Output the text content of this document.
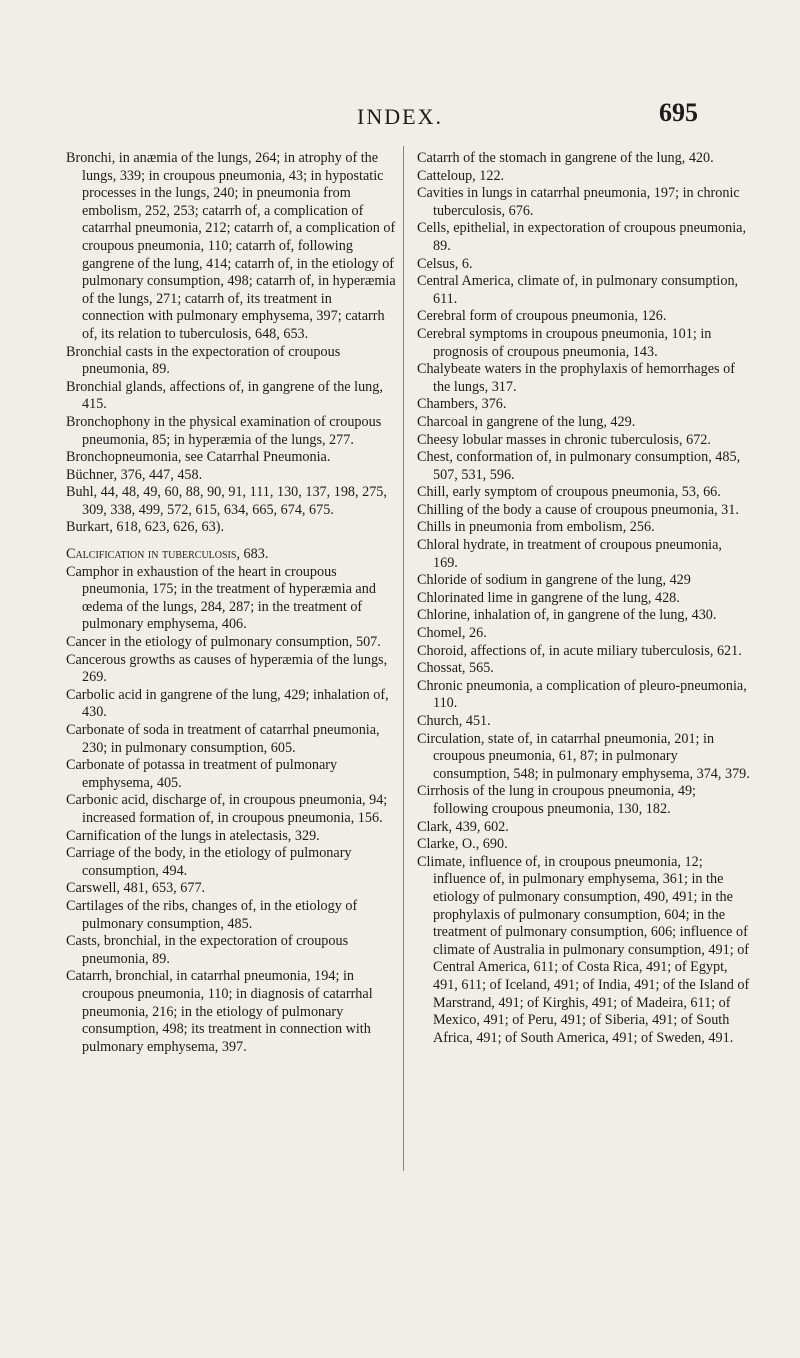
INDEX.	695

Bronchi, in anæmia of the lungs, 264; in atrophy of the lungs, 339; in croupous pneumonia, 43; in hypostatic processes in the lungs, 240; in pneumonia from embolism, 252, 253; catarrh of, a complication of catarrhal pneumonia, 212; catarrh of, a complication of croupous pneumonia, 110; catarrh of, following gangrene of the lung, 414; catarrh of, in the etiology of pulmonary consumption, 498; catarrh of, in hyperæmia of the lungs, 271; catarrh of, its treatment in connection with pulmonary emphysema, 397; catarrh of, its relation to tuberculosis, 648, 653.

Bronchial casts in the expectoration of croupous pneumonia, 89.

Bronchial glands, affections of, in gangrene of the lung, 415.

Bronchophony in the physical examination of croupous pneumonia, 85; in hyperæmia of the lungs, 277.

Bronchopneumonia, see Catarrhal Pneumonia.

Büchner, 376, 447, 458.

Buhl, 44, 48, 49, 60, 88, 90, 91, 111, 130, 137, 198, 275, 309, 338, 499, 572, 615, 634, 665, 674, 675.

Burkart, 618, 623, 626, 63).

Calcification in tuberculosis, 683.

Camphor in exhaustion of the heart in croupous pneumonia, 175; in the treatment of hyperæmia and œdema of the lungs, 284, 287; in the treatment of pulmonary emphysema, 406.

Cancer in the etiology of pulmonary consumption, 507.

Cancerous growths as causes of hyperæmia of the lungs, 269.

Carbolic acid in gangrene of the lung, 429; inhalation of, 430.

Carbonate of soda in treatment of catarrhal pneumonia, 230; in pulmonary consumption, 605.

Carbonate of potassa in treatment of pulmonary emphysema, 405.

Carbonic acid, discharge of, in croupous pneumonia, 94; increased formation of, in croupous pneumonia, 156.

Carnification of the lungs in atelectasis, 329.

Carriage of the body, in the etiology of pulmonary consumption, 494.

Carswell, 481, 653, 677.

Cartilages of the ribs, changes of, in the etiology of pulmonary consumption, 485.

Casts, bronchial, in the expectoration of croupous pneumonia, 89.

Catarrh, bronchial, in catarrhal pneumonia, 194; in croupous pneumonia, 110; in diagnosis of catarrhal pneumonia, 216; in the etiology of pulmonary consumption, 498; its treatment in connection with pulmonary emphysema, 397.

Catarrh of the stomach in gangrene of the lung, 420.

Catteloup, 122.

Cavities in lungs in catarrhal pneumonia, 197; in chronic tuberculosis, 676.

Cells, epithelial, in expectoration of croupous pneumonia, 89.

Celsus, 6.

Central America, climate of, in pulmonary consumption, 611.

Cerebral form of croupous pneumonia, 126.

Cerebral symptoms in croupous pneumonia, 101; in prognosis of croupous pneumonia, 143.

Chalybeate waters in the prophylaxis of hemorrhages of the lungs, 317.

Chambers, 376.

Charcoal in gangrene of the lung, 429.

Cheesy lobular masses in chronic tuberculosis, 672.

Chest, conformation of, in pulmonary consumption, 485, 507, 531, 596.

Chill, early symptom of croupous pneumonia, 53, 66.

Chilling of the body a cause of croupous pneumonia, 31.

Chills in pneumonia from embolism, 256.

Chloral hydrate, in treatment of croupous pneumonia, 169.

Chloride of sodium in gangrene of the lung, 429

Chlorinated lime in gangrene of the lung, 428.

Chlorine, inhalation of, in gangrene of the lung, 430.

Chomel, 26.

Choroid, affections of, in acute miliary tuberculosis, 621.

Chossat, 565.

Chronic pneumonia, a complication of pleuro-pneumonia, 110.

Church, 451.

Circulation, state of, in catarrhal pneumonia, 201; in croupous pneumonia, 61, 87; in pulmonary consumption, 548; in pulmonary emphysema, 374, 379.

Cirrhosis of the lung in croupous pneumonia, 49; following croupous pneumonia, 130, 182.

Clark, 439, 602.

Clarke, O., 690.

Climate, influence of, in croupous pneumonia, 12; influence of, in pulmonary emphysema, 361; in the etiology of pulmonary consumption, 490, 491; in the prophylaxis of pulmonary consumption, 604; in the treatment of pulmonary consumption, 606; influence of climate of Australia in pulmonary consumption, 491; of Central America, 611; of Costa Rica, 491; of Egypt, 491, 611; of Iceland, 491; of India, 491; of the Island of Marstrand, 491; of Kirghis, 491; of Madeira, 611; of Mexico, 491; of Peru, 491; of Siberia, 491; of South Africa, 491; of South America, 491; of Sweden, 491.
